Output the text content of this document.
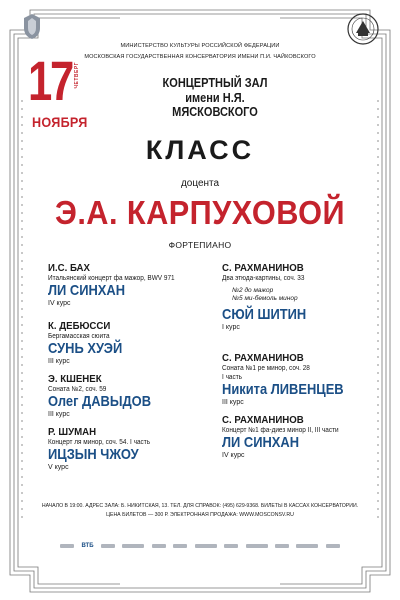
МИНИСТЕРСТВО КУЛЬТУРЫ РОССИЙСКОЙ ФЕДЕРАЦИИ
МОСКОВСКАЯ ГОСУДАРСТВЕННАЯ КОНСЕРВАТОРИЯ ИМЕНИ П.И. ЧАЙКОВСКОГО
17 ЧЕТВЕРГ
НОЯБРЯ
КОНЦЕРТНЫЙ ЗАЛ
имени Н.Я. МЯСКОВСКОГО
КЛАСС
доцента
Э.А. КАРПУХОВОЙ
ФОРТЕПИАНО
И.С. БАХ
Итальянский концерт фа мажор, BWV 971
ЛИ СИНХАН
IV курс
К. ДЕБЮССИ
Бергамасская сюита
СУНЬ ХУЭЙ
III курс
Э. КШЕНЕК
Соната №2, соч. 59
Олег ДАВЫДОВ
III курс
Р. ШУМАН
Концерт ля минор, соч. 54. I часть
ИЦЗЫН ЧЖОУ
V курс
С. РАХМАНИНОВ
Два этюда-картины, соч. 33
№2 до мажор
№5 ми-бемоль минор
СЮЙ ШИТИН
I курс
С. РАХМАНИНОВ
Соната №1 ре минор, соч. 28
I часть
Никита ЛИВЕНЦЕВ
III курс
С. РАХМАНИНОВ
Концерт №1 фа-диез минор II, III части
ЛИ СИНХАН
IV курс
НАЧАЛО В 19:00. АДРЕС ЗАЛА: Б. НИКИТСКАЯ, 13. ТЕЛ. ДЛЯ СПРАВОК: (495) 629-9368. БИЛЕТЫ В КАССАХ КОНСЕРВАТОРИИ.
ЦЕНА БИЛЕТОВ — 300 Р. ЭЛЕКТРОННАЯ ПРОДАЖА: WWW.MOSCONSV.RU
ВТБ
